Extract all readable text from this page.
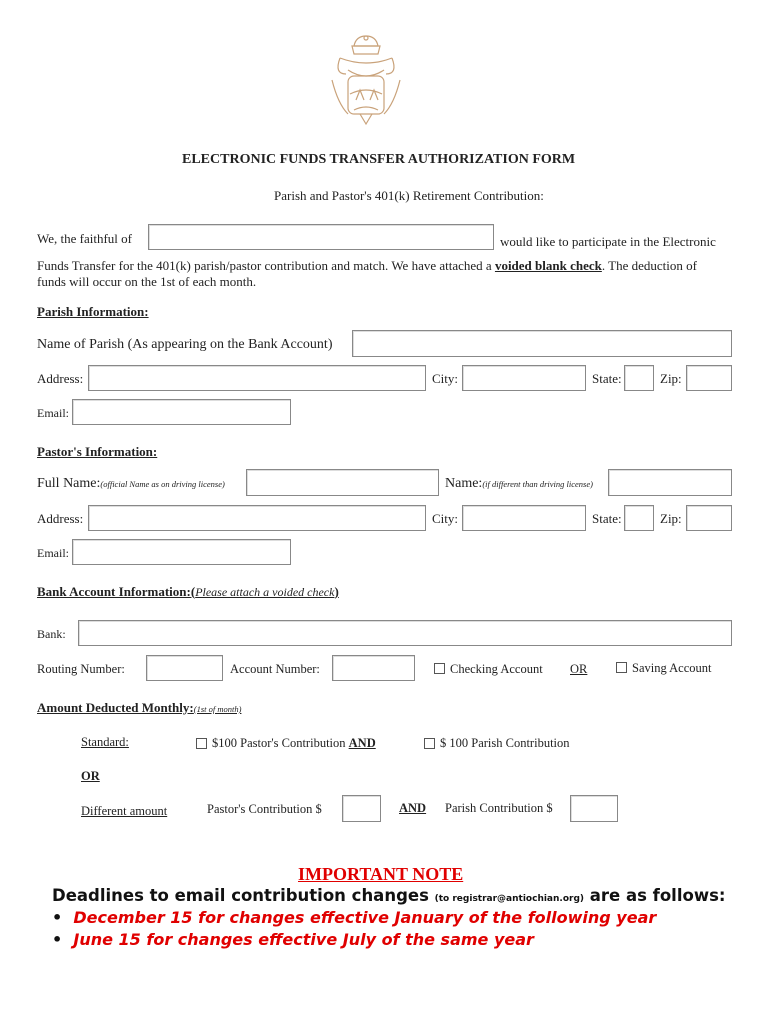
ELECTRONIC FUNDS TRANSFER AUTHORIZATION FORM
Parish and Pastor's 401(k) Retirement Contribution:
We, the faithful of	would like to participate in the Electronic
Funds Transfer for the 401(k) parish/pastor contribution and match. We have attached a voided blank check. The deduction of
funds will occur on the 1st of each month.
Parish Information:
Name of Parish (As appearing on the Bank Account)
Address:	City:	State:	Zip:
Email:
Pastor's Information:
Full Name:(official Name as on driving license)	Name:(if different than driving license)
Address:	City:	State:	Zip:
Email:
Bank Account Information:(Please attach a voided check)
Bank:
Routing Number:	Account Number:	Checking Account OR	Saving Account
Amount Deducted Monthly:(1st of month)
Standard:	$100 Pastor's Contribution AND	$ 100 Parish Contribution
OR
Different amount	Pastor's Contribution $	AND Parish Contribution $
IMPORTANT NOTE
Deadlines to email contribution changes (to registrar@antiochian.org) are as follows:
• December 15 for changes effective January of the following year
• June 15 for changes effective July of the same year
